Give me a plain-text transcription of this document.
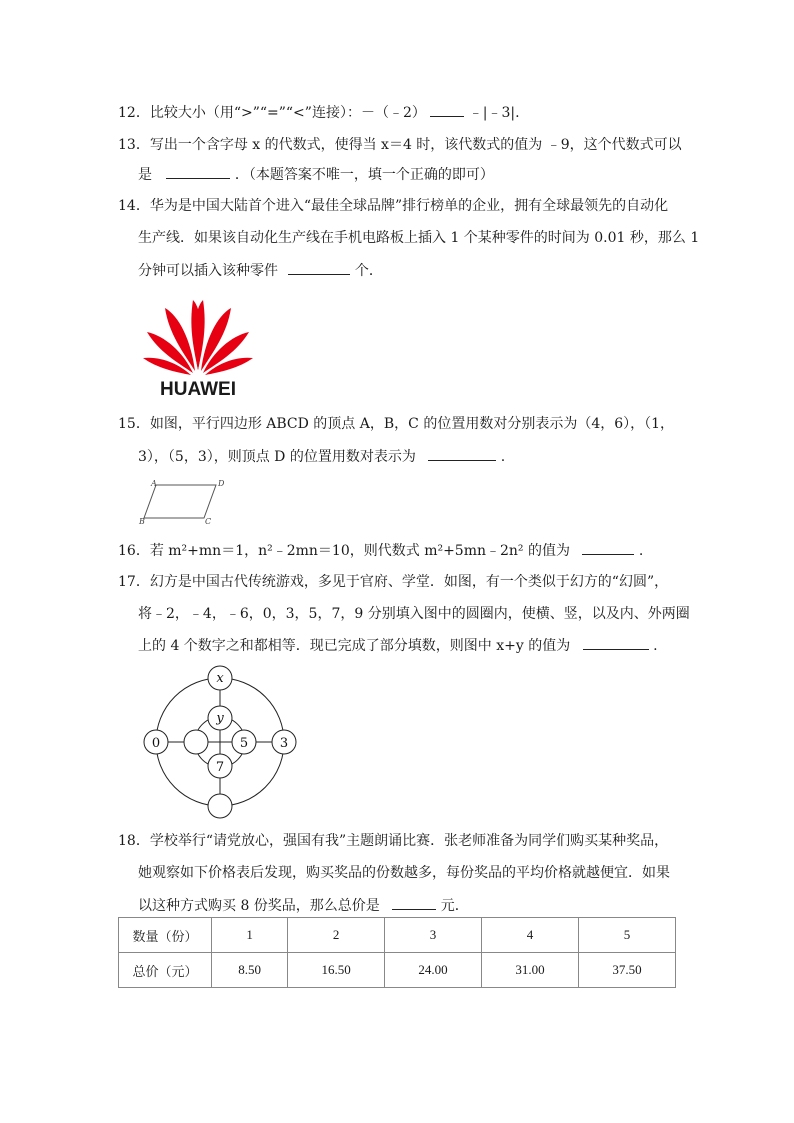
12．比较大小（用“>”“=”“<”连接）：－（﹣2）	﹣|﹣3|.
13．写出一个含字母 x 的代数式，使得当 x＝4 时，该代数式的值为 ﹣9，这个代数式可以
是	．（本题答案不唯一，填一个正确的即可）
14．华为是中国大陆首个进入“最佳全球品牌”排行榜单的企业，拥有全球最领先的自动化
生产线．如果该自动化生产线在手机电路板上插入 1 个某种零件的时间为 0.01 秒，那么 1
分钟可以插入该种零件	个．
HUAWEI
15．如图，平行四边形 ABCD 的顶点 A，B，C 的位置用数对分别表示为（4，6），（1，
3），（5，3），则顶点 D 的位置用数对表示为	.
A	D
B	C
16．若 m²+mn＝1，n²﹣2mn＝10，则代数式 m²+5mn﹣2n² 的值为	.
17．幻方是中国古代传统游戏，多见于官府、学堂．如图，有一个类似于幻方的“幻圆”，
将﹣2，﹣4，﹣6，0，3，5，7，9 分别填入图中的圆圈内，使横、竖，以及内、外两圈
上的 4 个数字之和都相等．现已完成了部分填数，则图中 x+y 的值为	.
x
y
0	5 3
7
18．学校举行“请党放心，强国有我”主题朗诵比赛．张老师准备为同学们购买某种奖品，
她观察如下价格表后发现，购买奖品的份数越多，每份奖品的平均价格就越便宜．如果
以这种方式购买 8 份奖品，那么总价是	元．
数量（份）	1	2	3	4	5
总价（元）	8.50	16.50	24.00	31.00	37.50
